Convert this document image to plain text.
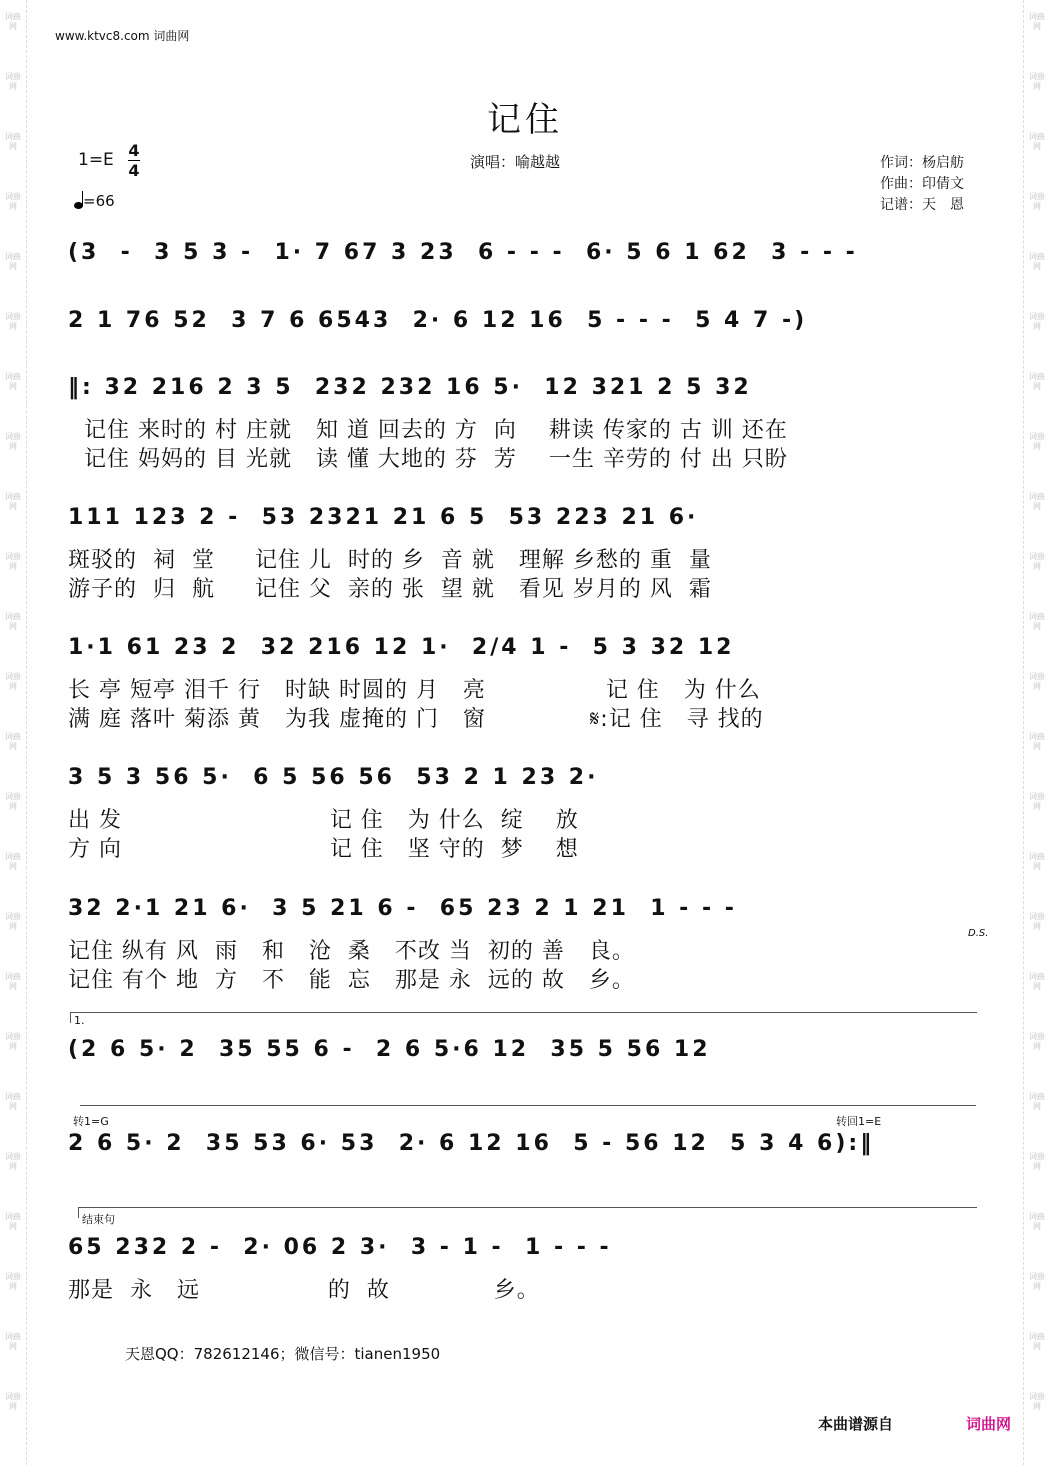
词曲网
词曲网
词曲网
词曲网
词曲网
词曲网
词曲网
词曲网
词曲网
词曲网
词曲网
词曲网
词曲网
词曲网
词曲网
词曲网
词曲网
词曲网
词曲网
词曲网
词曲网
词曲网
词曲网
词曲网
词曲网
词曲网
词曲网
词曲网
词曲网
词曲网
词曲网
词曲网
词曲网
词曲网
词曲网
词曲网
词曲网
词曲网
词曲网
词曲网
词曲网
词曲网
词曲网
词曲网
词曲网
词曲网
词曲网
词曲网
www.ktvc8.com 词曲网
记住
1=E 4
4
=66
演唱：喻越越	作词：杨启舫
作曲：印倩文
记谱：天　恩
(3  -  3 5 3 -  1· 7 67 3 23  6 - - -  6· 5 6 1 62  3 - - -
2 1 76 52  3 7 6 6543  2· 6 12 16  5 - - -  5 4 7 -)
‖: 32 216 2 3 5  232 232 16 5·  12 321 2 5 32
记住 来时的 村 庄就   知 道 回去的 方  向    耕读 传家的 古 训 还在
记住 妈妈的 目 光就   读 懂 大地的 芬  芳    一生 辛劳的 付 出 只盼
111 123 2 -  53 2321 21 6 5  53 223 21 6·
斑驳的  祠  堂     记住 儿  时的 乡  音 就   理解 乡愁的 重  量
游子的  归  航     记住 父  亲的 张  望 就   看见 岁月的 风  霜
1·1 61 23 2  32 216 12 1·  2/4 1 -  5 3 32 12
长 亭 短亭 泪千 行   时缺 时圆的 月   亮               记 住   为 什么
满 庭 落叶 菊添 黄   为我 虚掩的 门   窗             𝄋:记 住   寻 找的
3 5 3 56 5·  6 5 56 56  53 2 1 23 2·
出 发                          记 住   为 什么  绽    放
方 向                          记 住   坚 守的  梦    想
32 2·1 21 6·  3 5 21 6 -  65 23 2 1 21  1 - - -
记住 纵有 风  雨   和   沧  桑   不改 当  初的 善   良。
记住 有个 地  方   不   能  忘   那是 永  远的 故   乡。
D.S.
1.
(2 6 5· 2  35 55 6 -  2 6 5·6 12  35 5 56 12
转1=G	转回1=E
2 6 5· 2  35 53 6· 53  2· 6 12 16  5 - 56 12  5 3 4 6):‖
结束句
65 232 2 -  2· 06 2 3·  3 - 1 -  1 - - -
那是  永   远                的  故             乡。
天恩QQ：782612146；微信号：tianen1950
本曲谱源自	词曲网
